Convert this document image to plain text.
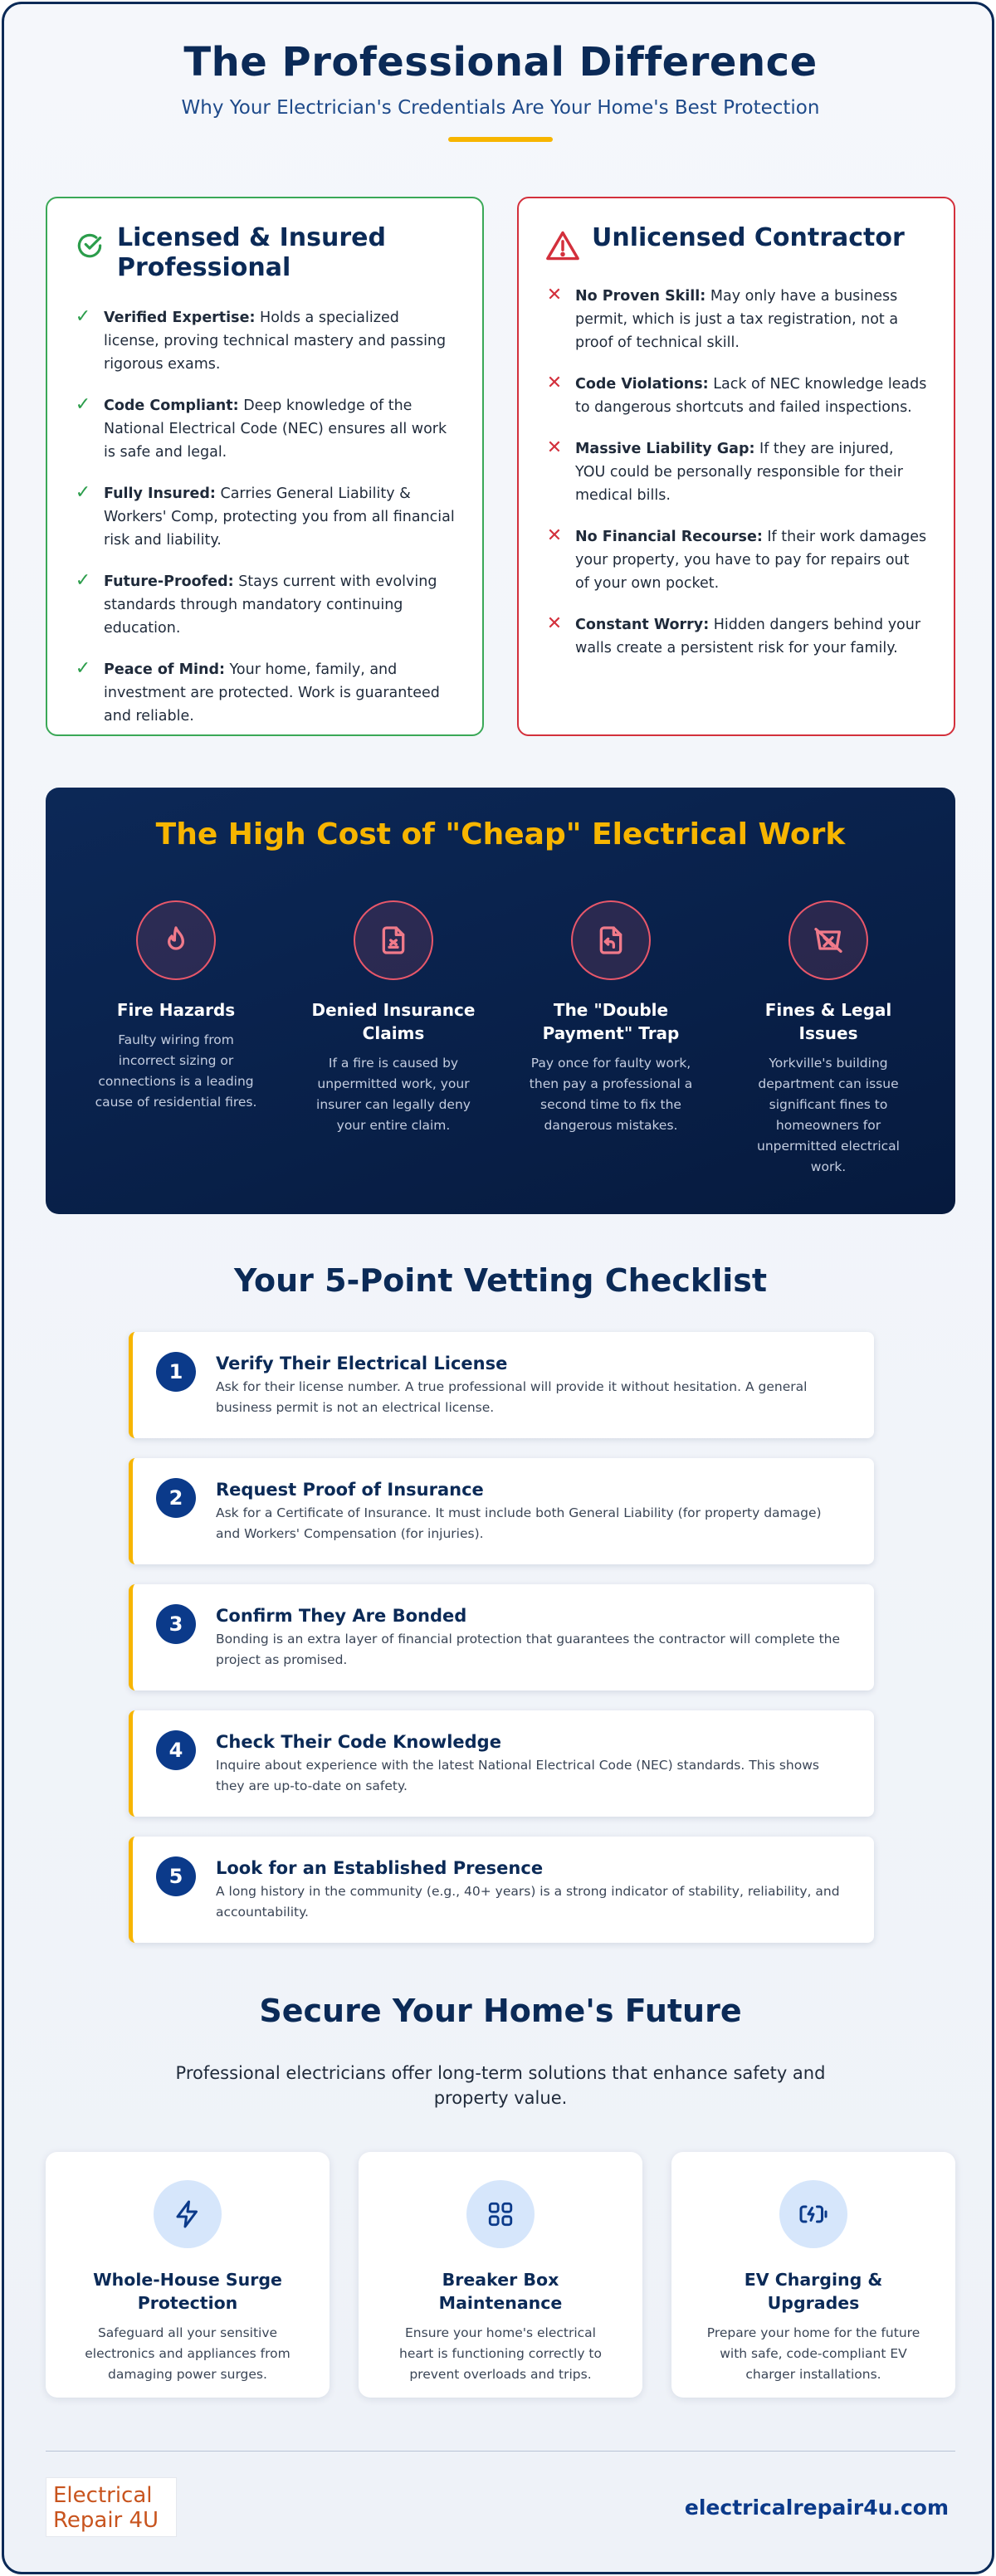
The Professional Difference
Why Your Electrician's Credentials Are Your Home's Best Protection
Licensed & Insured Professional
✓ Verified Expertise: Holds a specialized license, proving technical mastery and passing rigorous exams.
✓ Code Compliant: Deep knowledge of the National Electrical Code (NEC) ensures all work is safe and legal.
✓ Fully Insured: Carries General Liability & Workers' Comp, protecting you from all financial risk and liability.
✓ Future-Proofed: Stays current with evolving standards through mandatory continuing education.
✓ Peace of Mind: Your home, family, and investment are protected. Work is guaranteed and reliable.
Unlicensed Contractor
✕ No Proven Skill: May only have a business permit, which is just a tax registration, not a proof of technical skill.
✕ Code Violations: Lack of NEC knowledge leads to dangerous shortcuts and failed inspections.
✕ Massive Liability Gap: If they are injured, YOU could be personally responsible for their medical bills.
✕ No Financial Recourse: If their work damages your property, you have to pay for repairs out of your own pocket.
✕ Constant Worry: Hidden dangers behind your walls create a persistent risk for your family.
The High Cost of "Cheap" Electrical Work
Fire Hazards
Faulty wiring from incorrect sizing or connections is a leading cause of residential fires.
Denied Insurance Claims
If a fire is caused by unpermitted work, your insurer can legally deny your entire claim.
The "Double Payment" Trap
Pay once for faulty work, then pay a professional a second time to fix the dangerous mistakes.
Fines & Legal Issues
Yorkville's building department can issue significant fines to homeowners for unpermitted electrical work.
Your 5-Point Vetting Checklist
1	Verify Their Electrical License
Ask for their license number. A true professional will provide it without hesitation. A general business permit is not an electrical license.
2	Request Proof of Insurance
Ask for a Certificate of Insurance. It must include both General Liability (for property damage) and Workers' Compensation (for injuries).
3	Confirm They Are Bonded
Bonding is an extra layer of financial protection that guarantees the contractor will complete the project as promised.
4	Check Their Code Knowledge
Inquire about experience with the latest National Electrical Code (NEC) standards. This shows they are up-to-date on safety.
5	Look for an Established Presence
A long history in the community (e.g., 40+ years) is a strong indicator of stability, reliability, and accountability.
Secure Your Home's Future
Professional electricians offer long-term solutions that enhance safety and property value.
Whole-House Surge Protection
Safeguard all your sensitive electronics and appliances from damaging power surges.
Breaker Box Maintenance
Ensure your home's electrical heart is functioning correctly to prevent overloads and trips.
EV Charging & Upgrades
Prepare your home for the future with safe, code-compliant EV charger installations.
Electrical
Repair 4U
electricalrepair4u.com
